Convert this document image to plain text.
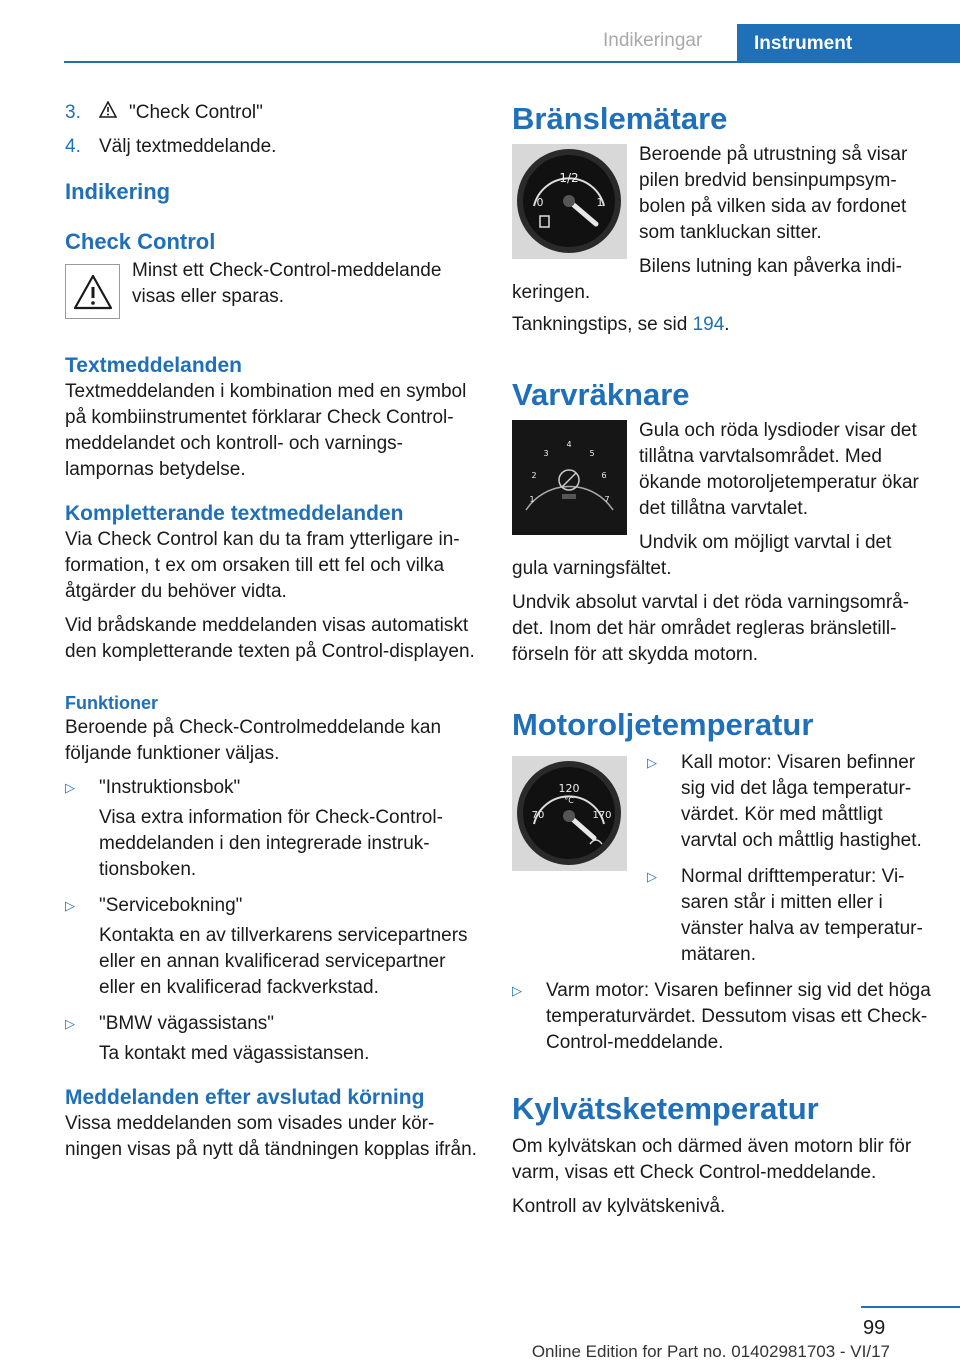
Indikeringar	Instrument
3.	"Check Control"
4. Välj textmeddelande.

Indikering

Check Control

Minst ett Check-Control-meddelande visas eller sparas.

Textmeddelanden

Textmeddelanden i kombination med en symbol på kombiinstrumentet förklarar Check Control-meddelandet och kontroll- och varningslampornas betydelse.

Kompletterande textmeddelanden

Via Check Control kan du ta fram ytterligare information, t ex om orsaken till ett fel och vilka åtgärder du behöver vidta.

Vid brådskande meddelanden visas automatiskt den kompletterande texten på Control-displayen.

Funktioner

Beroende på Check-Controlmeddelande kan följande funktioner väljas.

▷	"Instruktionsbok"

Visa extra information för Check-Control-meddelanden i den integrerade instruktionsboken.

▷	"Servicebokning"

Kontakta en av tillverkarens servicepartners eller en annan kvalificerad servicepartner eller en kvalificerad fackverkstad.

▷	"BMW vägassistans"

Ta kontakt med vägassistansen.

Meddelanden efter avslutad körning

Vissa meddelanden som visades under körningen visas på nytt då tändningen kopplas ifrån.

Bränslemätare

1/2
0	1

Beroende på utrustning så visar pilen bredvid bensinpumpsymbolen på vilken sida av fordonet som tankluckan sitter.

Bilens lutning kan påverka indikeringen.

Tankningstips, se sid 194.

Varvräknare

1
2
3
4
5
6
7

Gula och röda lysdioder visar det tillåtna varvtalsområdet. Med ökande motoroljetemperatur ökar det tillåtna varvtalet.

Undvik om möjligt varvtal i det gula varningsfältet.

Undvik absolut varvtal i det röda varningsområdet. Inom det här området regleras bränsletillförseln för att skydda motorn.

Motoroljetemperatur

120
°C
70	170
▷	Kall motor: Visaren befinner sig vid det låga temperaturvärdet. Kör med måttligt varvtal och måttlig hastighet.

▷	Normal drifttemperatur: Visaren står i mitten eller i vänster halva av temperaturmätaren.

▷	Varm motor: Visaren befinner sig vid det höga temperaturvärdet. Dessutom visas ett Check-Control-meddelande.

Kylvätsketemperatur

Om kylvätskan och därmed även motorn blir för varm, visas ett Check Control-meddelande.

Kontroll av kylvätskenivå.

99
Online Edition for Part no. 01402981703 - VI/17
